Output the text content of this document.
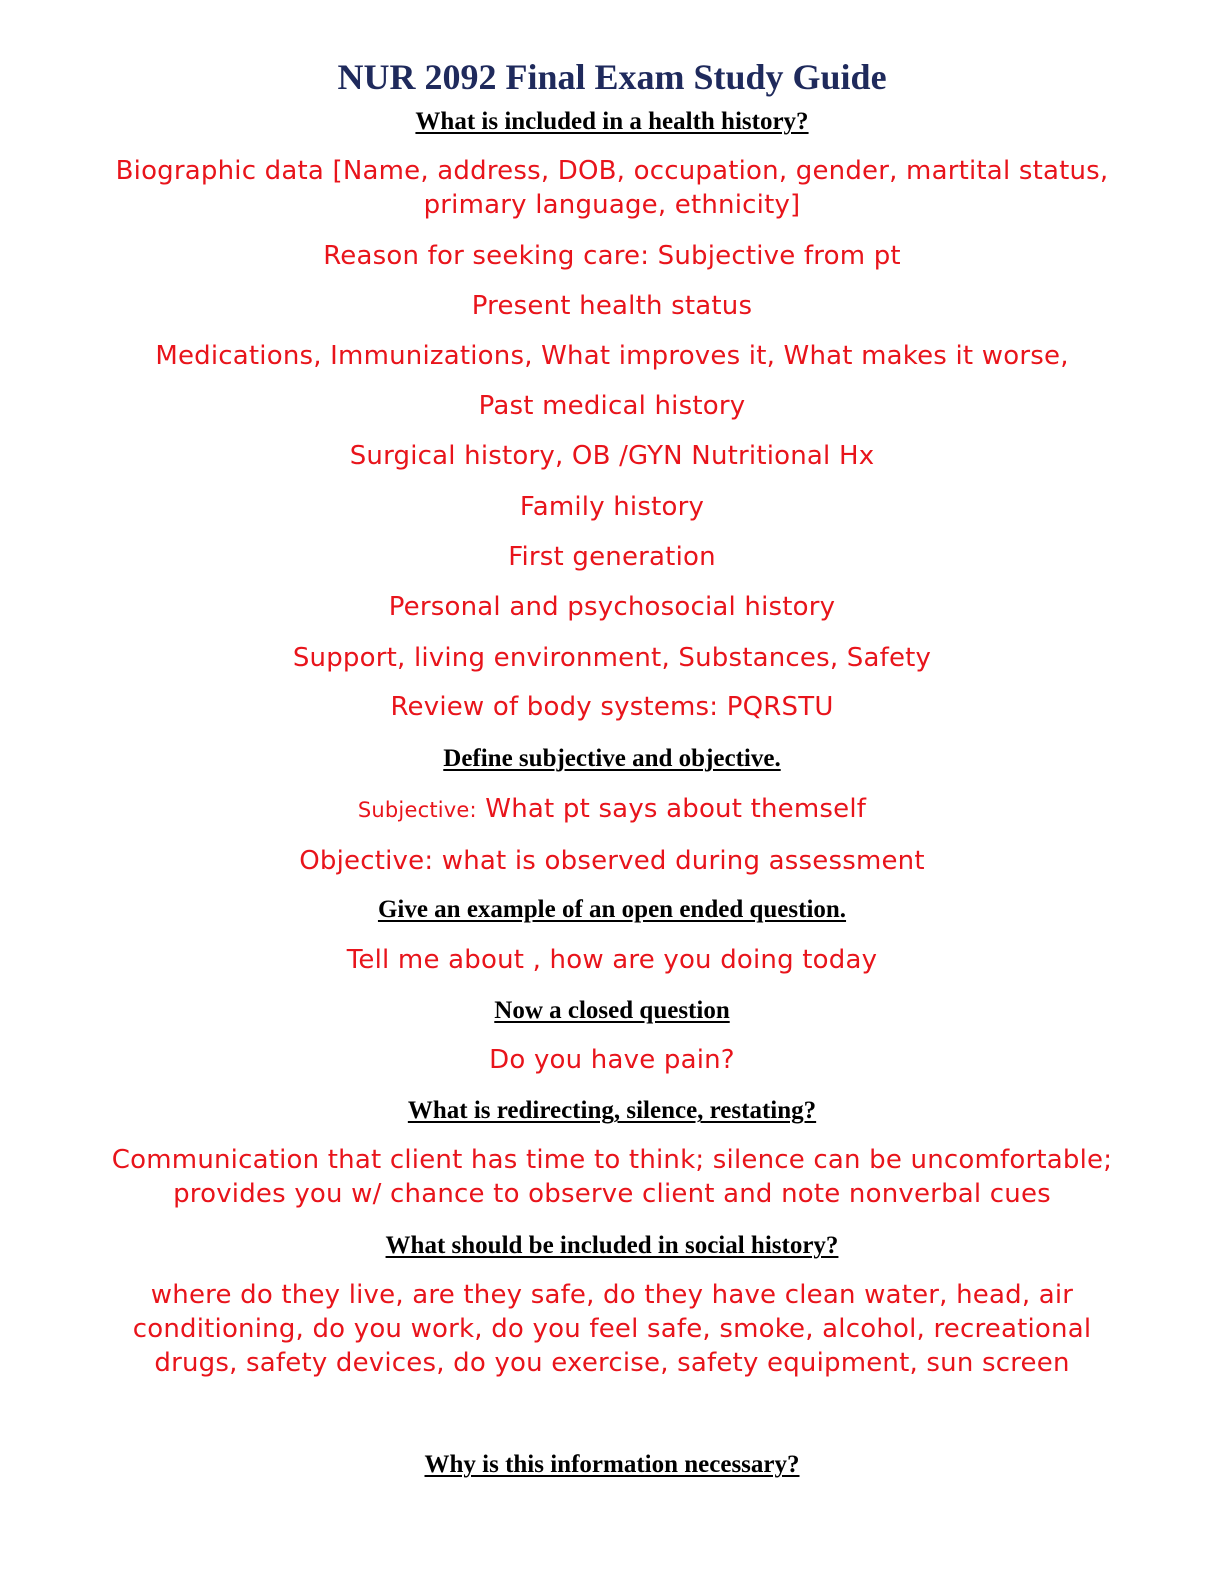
NUR 2092 Final Exam Study Guide

What is included in a health history?

Biographic data [Name, address, DOB, occupation, gender, martital status,

primary language, ethnicity]

Reason for seeking care: Subjective from pt

Present health status

Medications, Immunizations, What improves it, What makes it worse,

Past medical history

Surgical history, OB /GYN Nutritional Hx

Family history

First generation

Personal and psychosocial history

Support, living environment, Substances, Safety

Review of body systems: PQRSTU

Define subjective and objective.

Subjective: What pt says about themself

Objective: what is observed during assessment

Give an example of an open ended question.

Tell me about , how are you doing today

Now a closed question

Do you have pain?

What is redirecting, silence, restating?

Communication that client has time to think; silence can be uncomfortable;

provides you w/ chance to observe client and note nonverbal cues

What should be included in social history?

where do they live, are they safe, do they have clean water, head, air

conditioning, do you work, do you feel safe, smoke, alcohol, recreational

drugs, safety devices, do you exercise, safety equipment, sun screen

Why is this information necessary?
